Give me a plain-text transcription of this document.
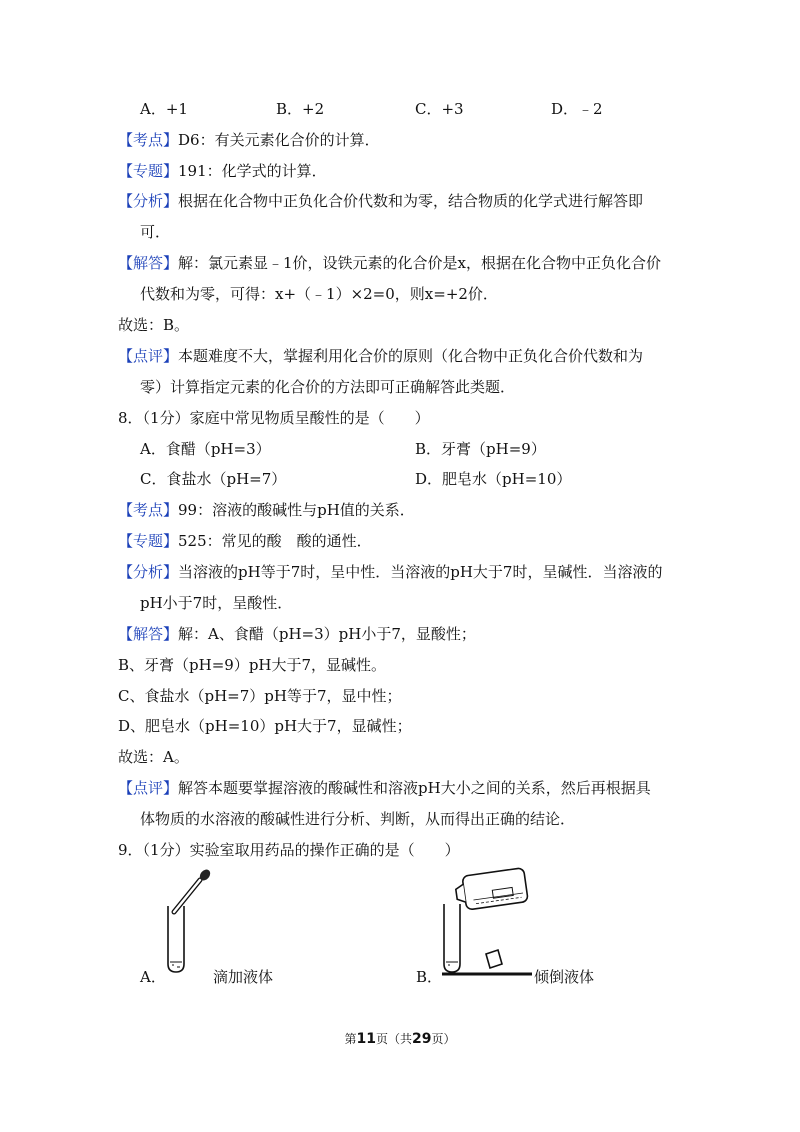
A．+1	B．+2	C．+3	D．﹣2
【考点】D6：有关元素化合价的计算．
【专题】191：化学式的计算．
【分析】根据在化合物中正负化合价代数和为零，结合物质的化学式进行解答即
可．
【解答】解：氯元素显﹣1价，设铁元素的化合价是x，根据在化合物中正负化合价
代数和为零，可得：x+（﹣1）×2=0，则x=+2价．
故选：B。
【点评】本题难度不大，掌握利用化合价的原则（化合物中正负化合价代数和为
零）计算指定元素的化合价的方法即可正确解答此类题．
8．（1分）家庭中常见物质呈酸性的是（　　）
A．食醋（pH=3）	B．牙膏（pH=9）
C．食盐水（pH=7）	D．肥皂水（pH=10）
【考点】99：溶液的酸碱性与pH值的关系．
【专题】525：常见的酸　酸的通性．
【分析】当溶液的pH等于7时，呈中性．当溶液的pH大于7时，呈碱性．当溶液的
pH小于7时，呈酸性．
【解答】解：A、食醋（pH=3）pH小于7，显酸性；
B、牙膏（pH=9）pH大于7，显碱性。
C、食盐水（pH=7）pH等于7，显中性；
D、肥皂水（pH=10）pH大于7，显碱性；
故选：A。
【点评】解答本题要掌握溶液的酸碱性和溶液pH大小之间的关系，然后再根据具
体物质的水溶液的酸碱性进行分析、判断，从而得出正确的结论．
9．（1分）实验室取用药品的操作正确的是（　　）
A．	滴加液体	B．	倾倒液体
第11页（共29页）
